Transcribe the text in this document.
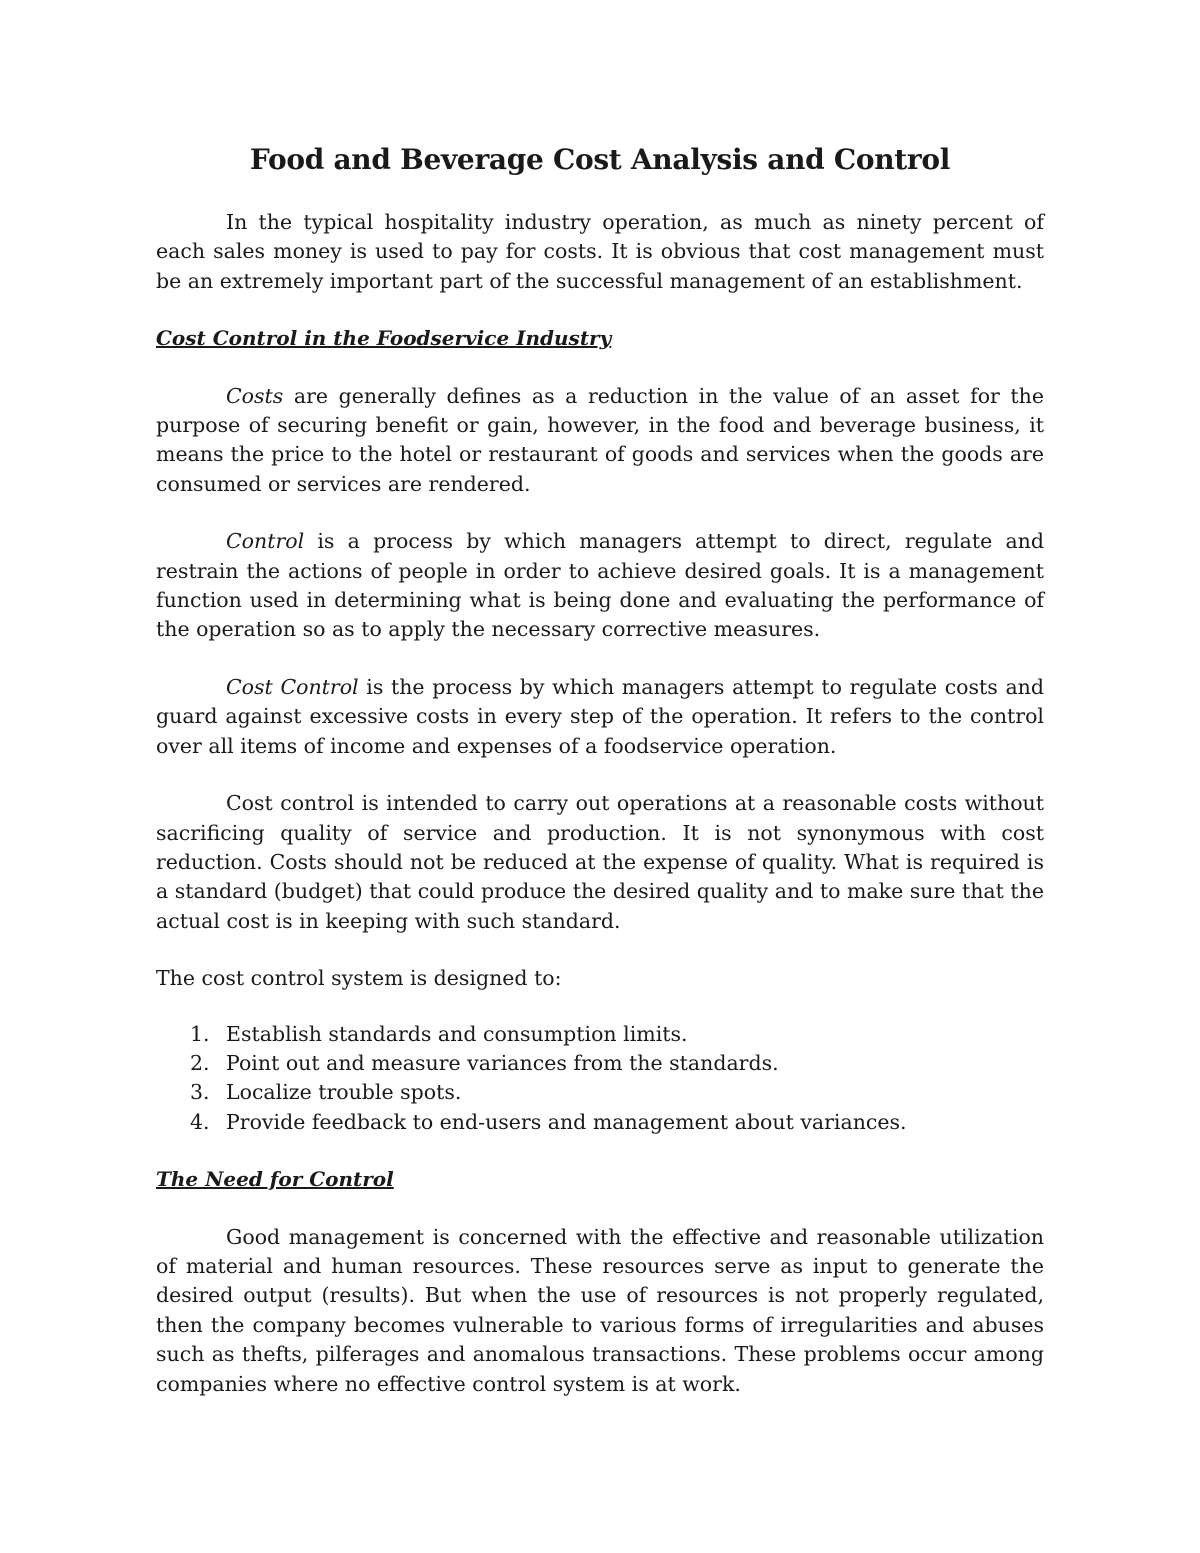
Food and Beverage Cost Analysis and Control

In the typical hospitality industry operation, as much as ninety percent of each sales money is used to pay for costs. It is obvious that cost management must be an extremely important part of the successful management of an establishment.

Cost Control in the Foodservice Industry

Costs are generally defines as a reduction in the value of an asset for the purpose of securing benefit or gain, however, in the food and beverage business, it means the price to the hotel or restaurant of goods and services when the goods are consumed or services are rendered.

Control is a process by which managers attempt to direct, regulate and restrain the actions of people in order to achieve desired goals. It is a management function used in determining what is being done and evaluating the performance of the operation so as to apply the necessary corrective measures.

Cost Control is the process by which managers attempt to regulate costs and guard against excessive costs in every step of the operation. It refers to the control over all items of income and expenses of a foodservice operation.

Cost control is intended to carry out operations at a reasonable costs without sacrificing quality of service and production. It is not synonymous with cost reduction. Costs should not be reduced at the expense of quality. What is required is a standard (budget) that could produce the desired quality and to make sure that the actual cost is in keeping with such standard.

The cost control system is designed to:

1. Establish standards and consumption limits.
2. Point out and measure variances from the standards.
3. Localize trouble spots.
4. Provide feedback to end-users and management about variances.

The Need for Control

Good management is concerned with the effective and reasonable utilization of material and human resources. These resources serve as input to generate the desired output (results). But when the use of resources is not properly regulated, then the company becomes vulnerable to various forms of irregularities and abuses such as thefts, pilferages and anomalous transactions. These problems occur among companies where no effective control system is at work.
